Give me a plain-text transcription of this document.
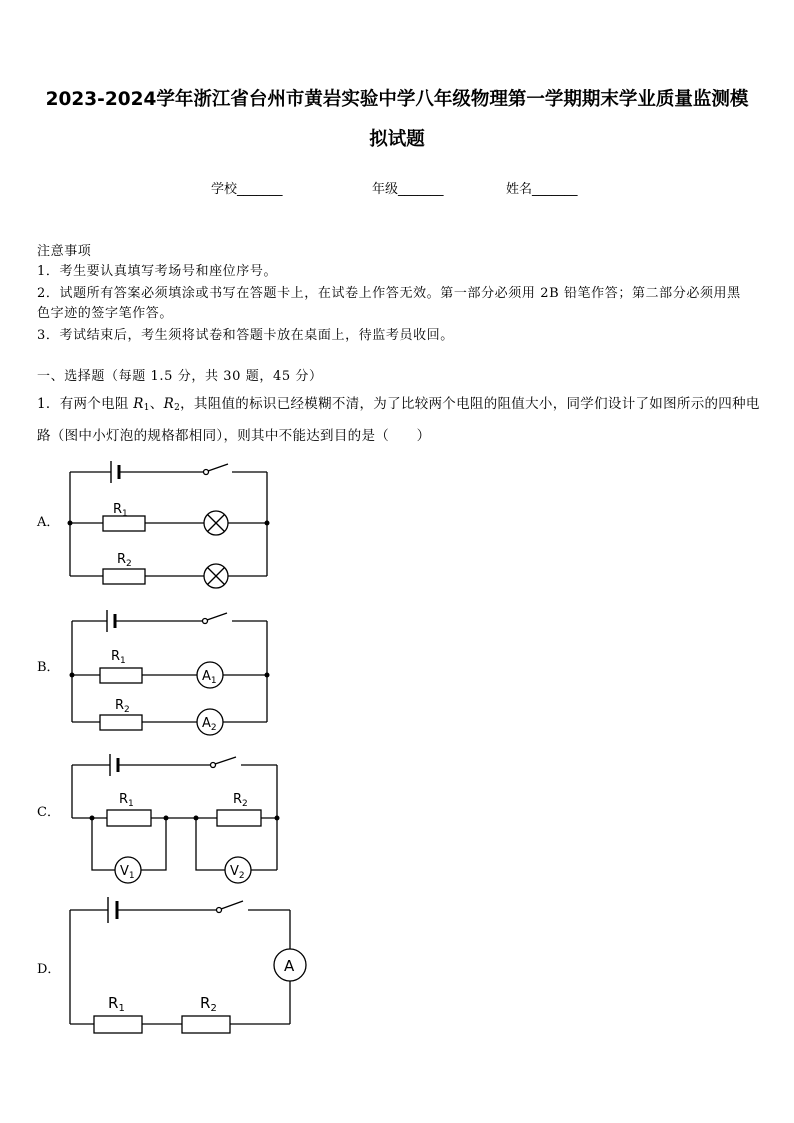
2023-2024学年浙江省台州市黄岩实验中学八年级物理第一学期期末学业质量监测模
拟试题
学校_______	年级_______	姓名_______
注意事项
1．考生要认真填写考场号和座位序号。
2．试题所有答案必须填涂或书写在答题卡上，在试卷上作答无效。第一部分必须用 2B 铅笔作答；第二部分必须用黑
色字迹的签字笔作答。
3．考试结束后，考生须将试卷和答题卡放在桌面上，待监考员收回。
一、选择题（每题 1.5 分，共 30 题，45 分）
1．有两个电阻 $R_1$、$R_2$，其阻值的标识已经模糊不清，为了比较两个电阻的阻值大小，同学们设计了如图所示的四种电
路（图中小灯泡的规格都相同），则其中不能达到目的是（　　）
A．
B．
C．
D．
R1
R2
R1
R2
A1
A2
R1	R2
V1	V2
A
R1	R2
